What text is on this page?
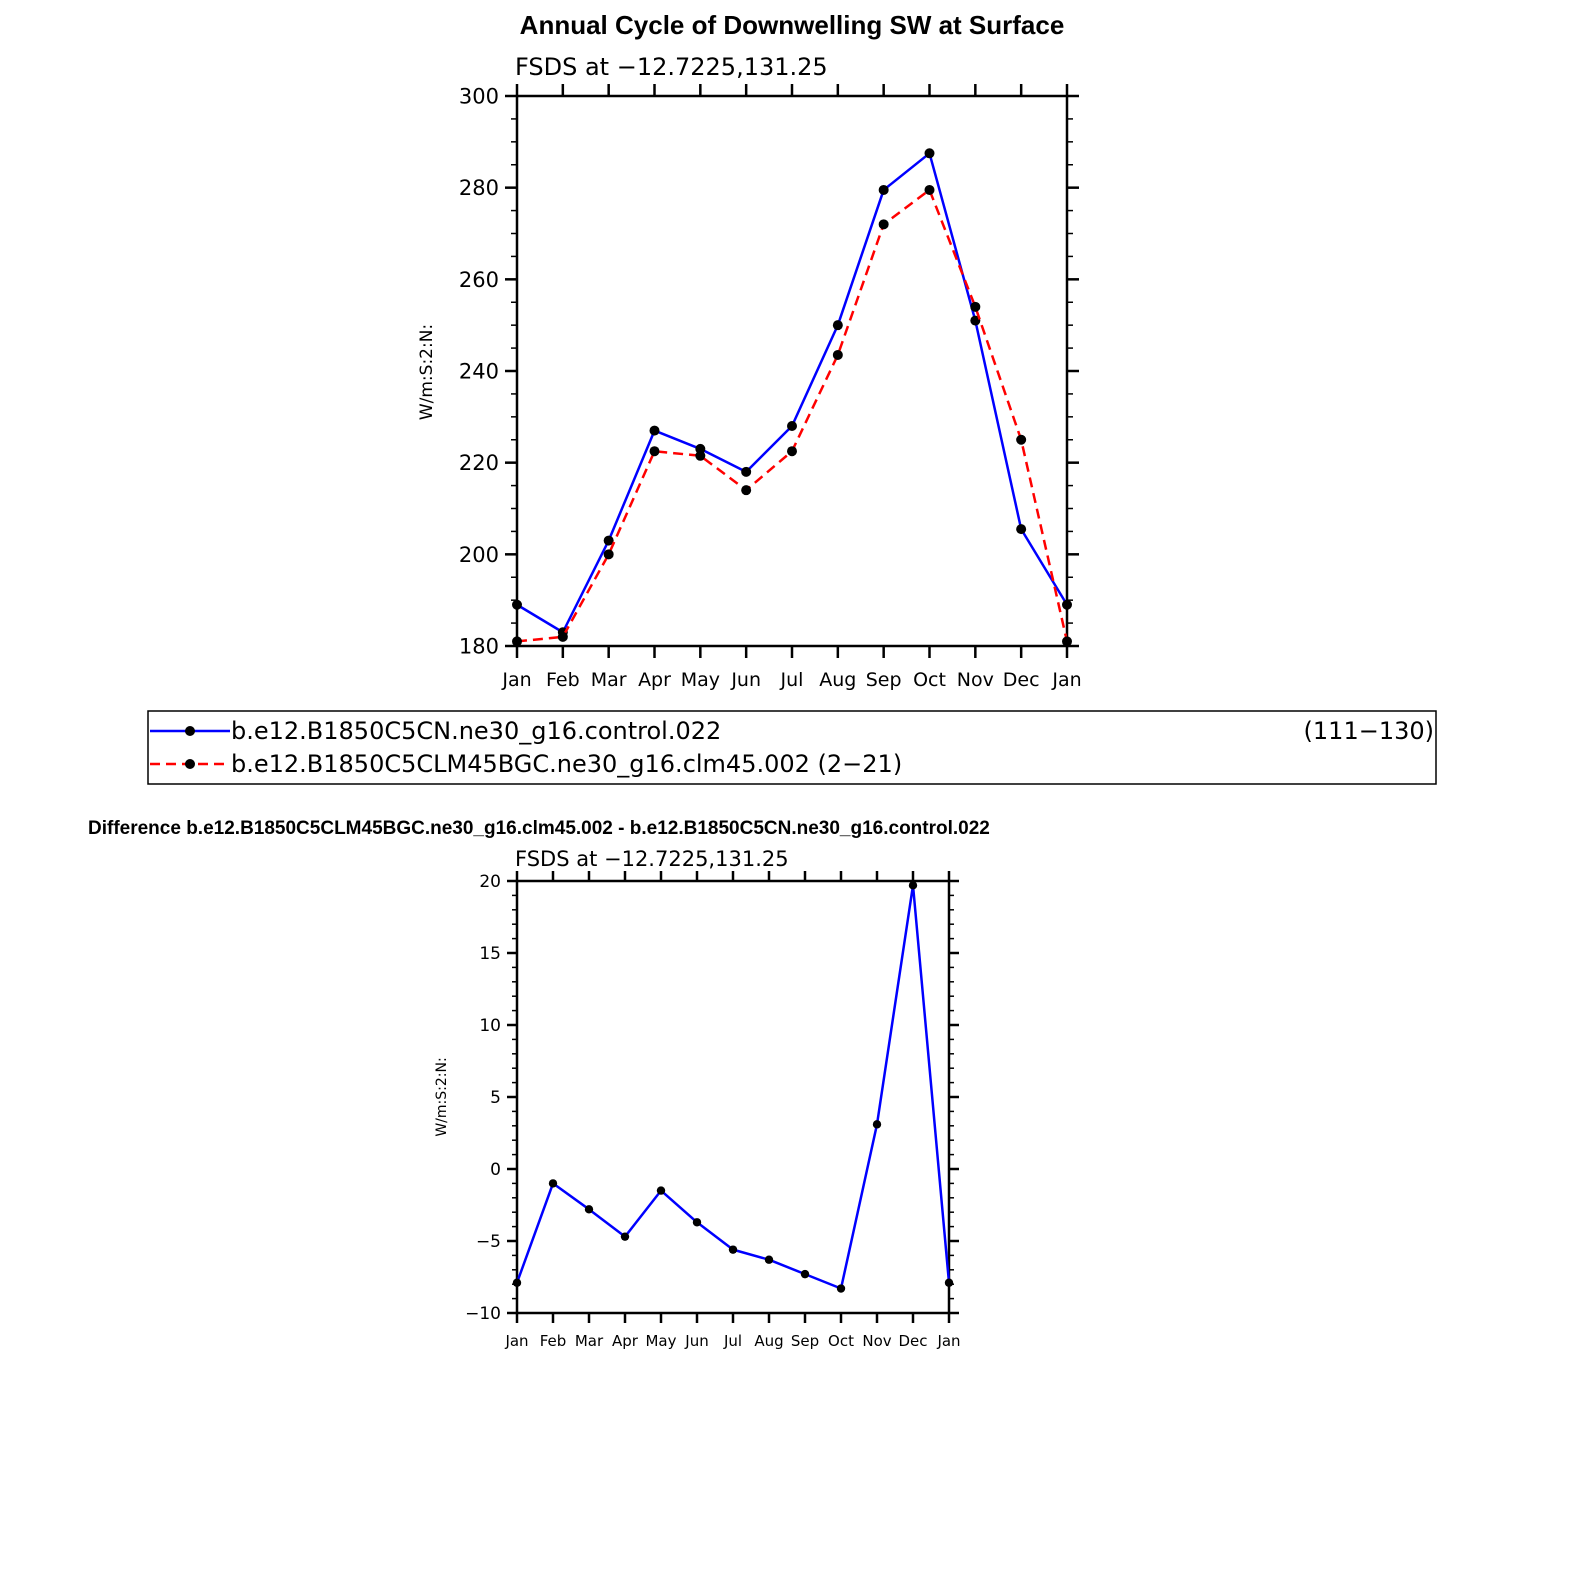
Annual Cycle of Downwelling SW at Surface
FSDS at −12.7225,131.25
W/m:S:2:N:
Jan Feb Mar Apr May Jun Jul Aug Sep Oct Nov Dec Jan
180
200
220
240
260
280
300
b.e12.B1850C5CN.ne30_g16.control.022	(111−130)
b.e12.B1850C5CLM45BGC.ne30_g16.clm45.002 (2−21)
Difference b.e12.B1850C5CLM45BGC.ne30_g16.clm45.002 - b.e12.B1850C5CN.ne30_g16.control.022
FSDS at −12.7225,131.25
W/m:S:2:N:
Jan Feb Mar Apr May Jun Jul Aug Sep Oct Nov Dec Jan
−10
−5
0
5
10
15
20
